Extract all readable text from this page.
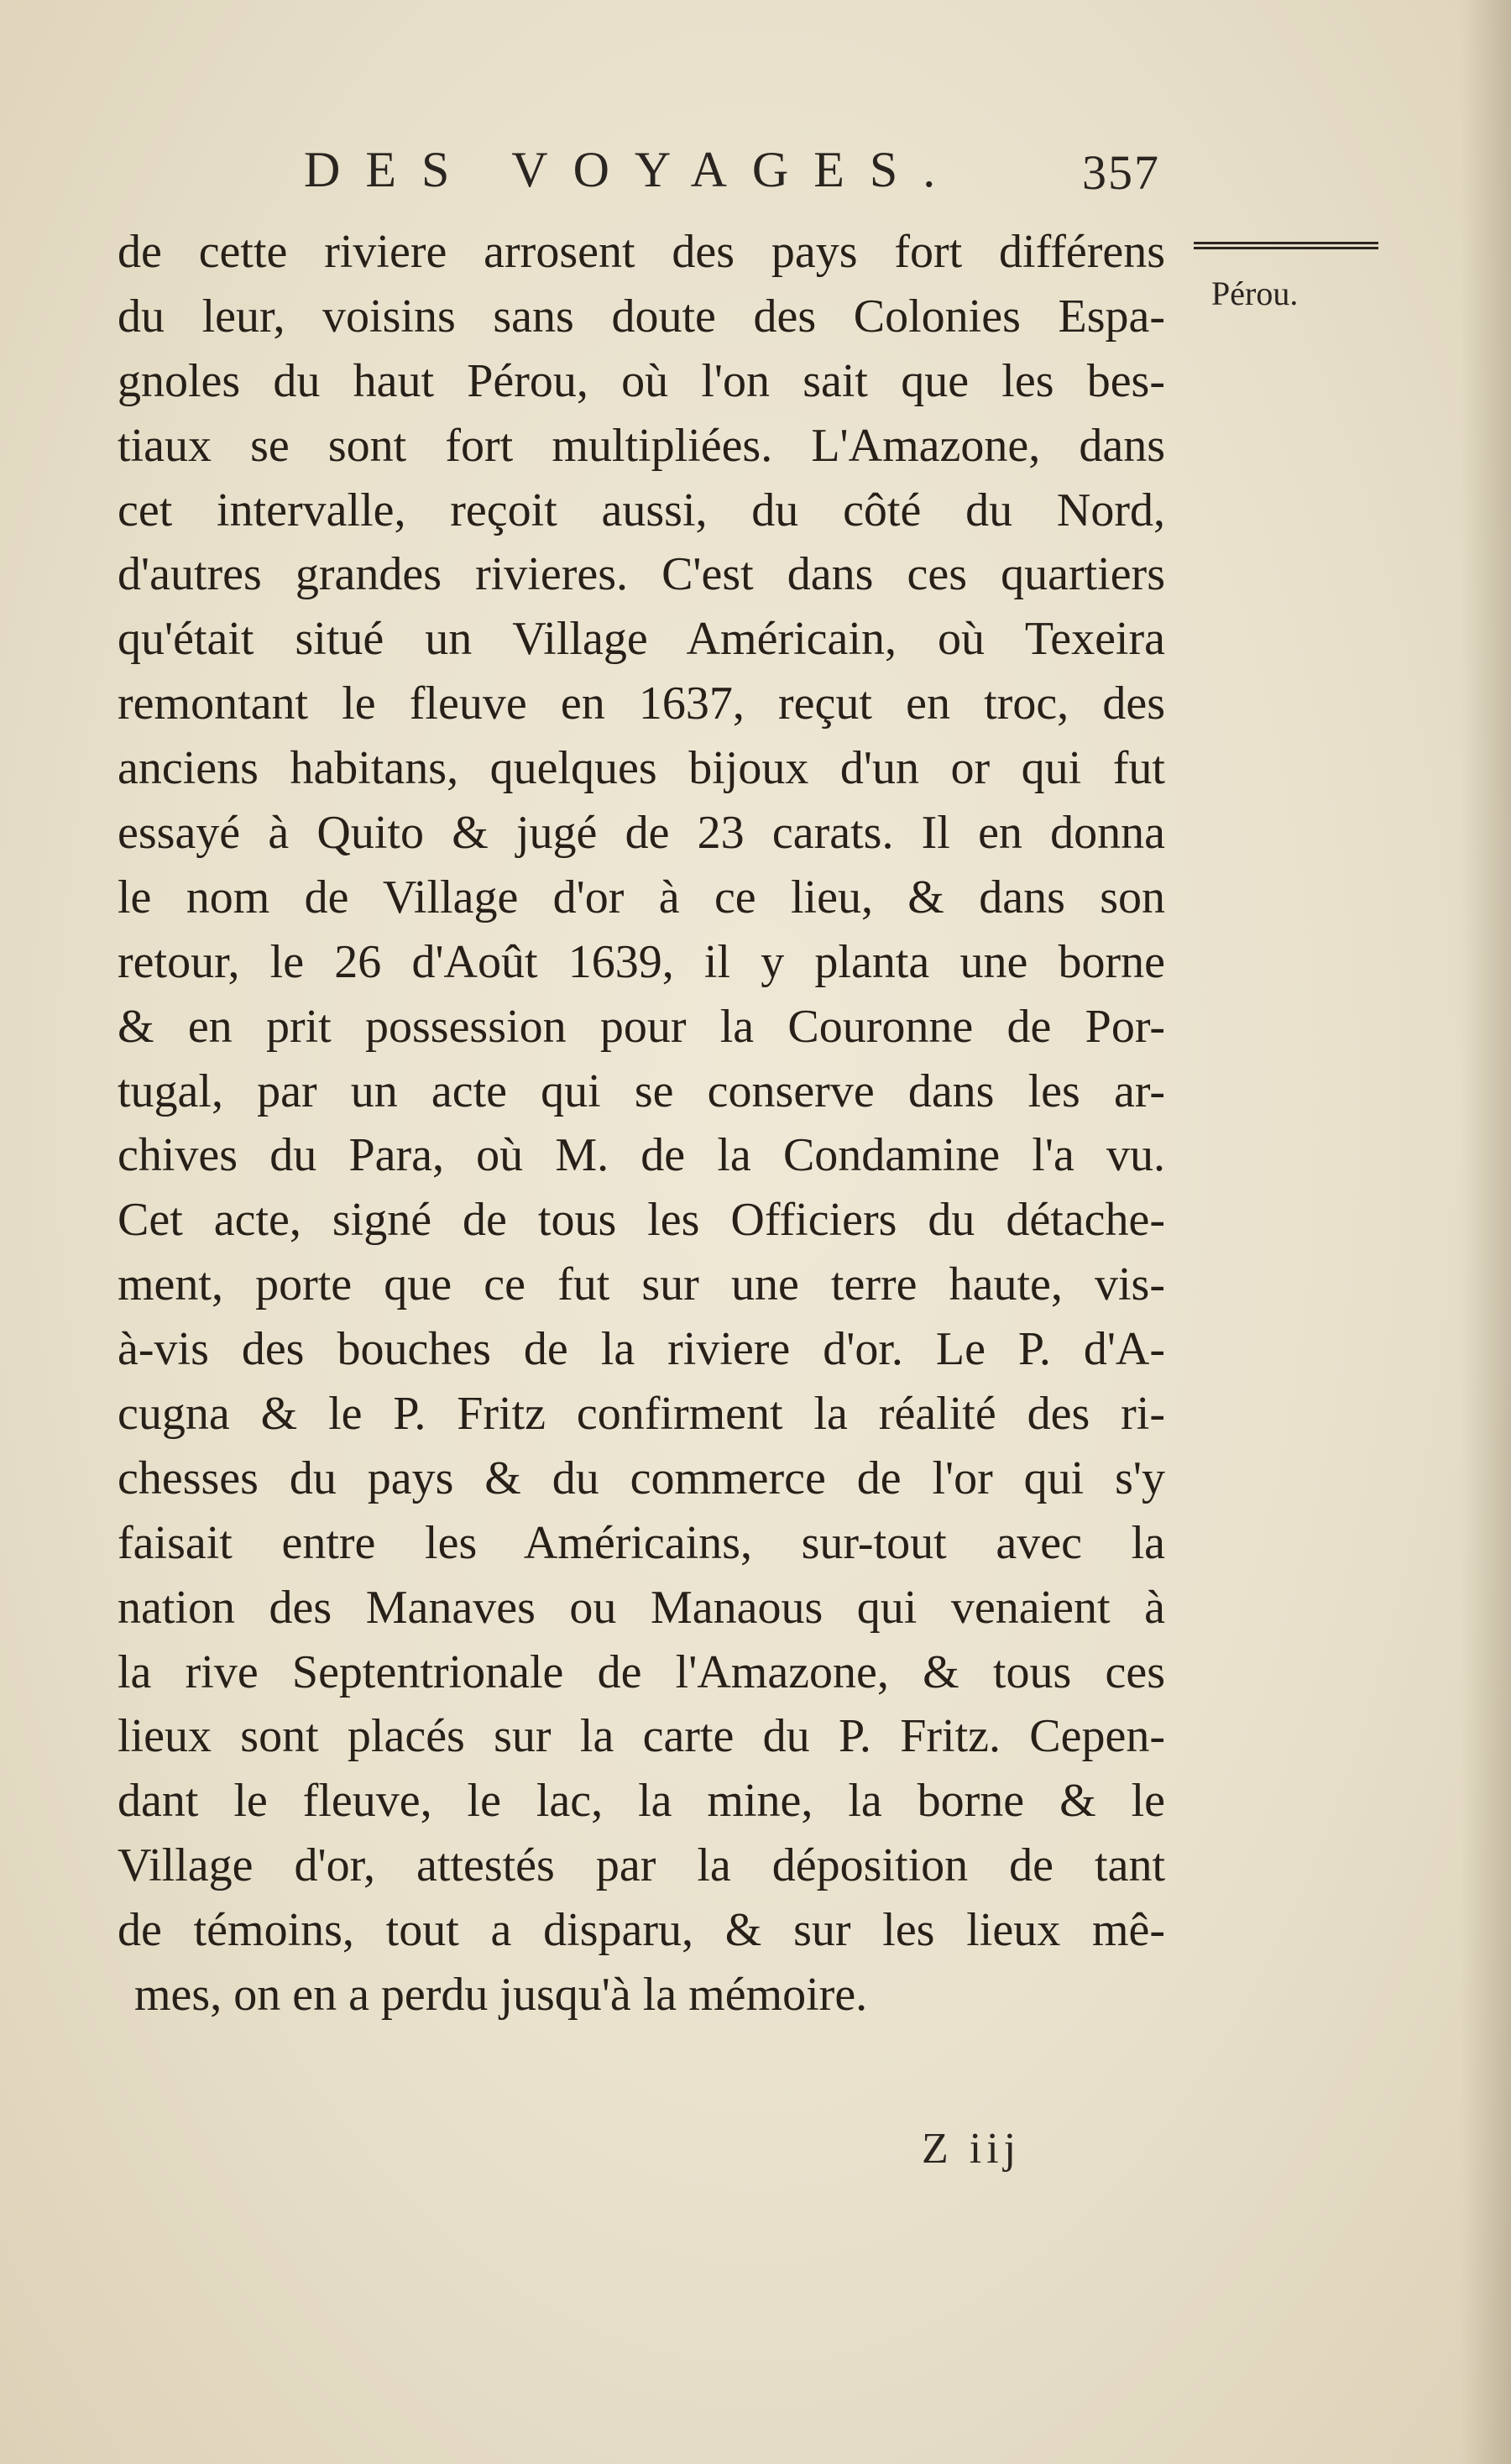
DES VOYAGES. 357
Pérou.
de cette riviere arrosent des pays fort différens
du leur, voisins sans doute des Colonies Espa-
gnoles du haut Pérou, où l'on sait que les bes-
tiaux se sont fort multipliées. L'Amazone, dans
cet intervalle, reçoit aussi, du côté du Nord,
d'autres grandes rivieres. C'est dans ces quartiers
qu'était situé un Village Américain, où Texeira
remontant le fleuve en 1637, reçut en troc, des
anciens habitans, quelques bijoux d'un or qui fut
essayé à Quito & jugé de 23 carats. Il en donna
le nom de Village d'or à ce lieu, & dans son
retour, le 26 d'Août 1639, il y planta une borne
& en prit possession pour la Couronne de Por-
tugal, par un acte qui se conserve dans les ar-
chives du Para, où M. de la Condamine l'a vu.
Cet acte, signé de tous les Officiers du détache-
ment, porte que ce fut sur une terre haute, vis-
à-vis des bouches de la riviere d'or. Le P. d'A-
cugna & le P. Fritz confirment la réalité des ri-
chesses du pays & du commerce de l'or qui s'y
faisait entre les Américains, sur-tout avec la
nation des Manaves ou Manaous qui venaient à
la rive Septentrionale de l'Amazone, & tous ces
lieux sont placés sur la carte du P. Fritz. Cepen-
dant le fleuve, le lac, la mine, la borne & le
Village d'or, attestés par la déposition de tant
de témoins, tout a disparu, & sur les lieux mê-
mes, on en a perdu jusqu'à la mémoire.
Z iij
